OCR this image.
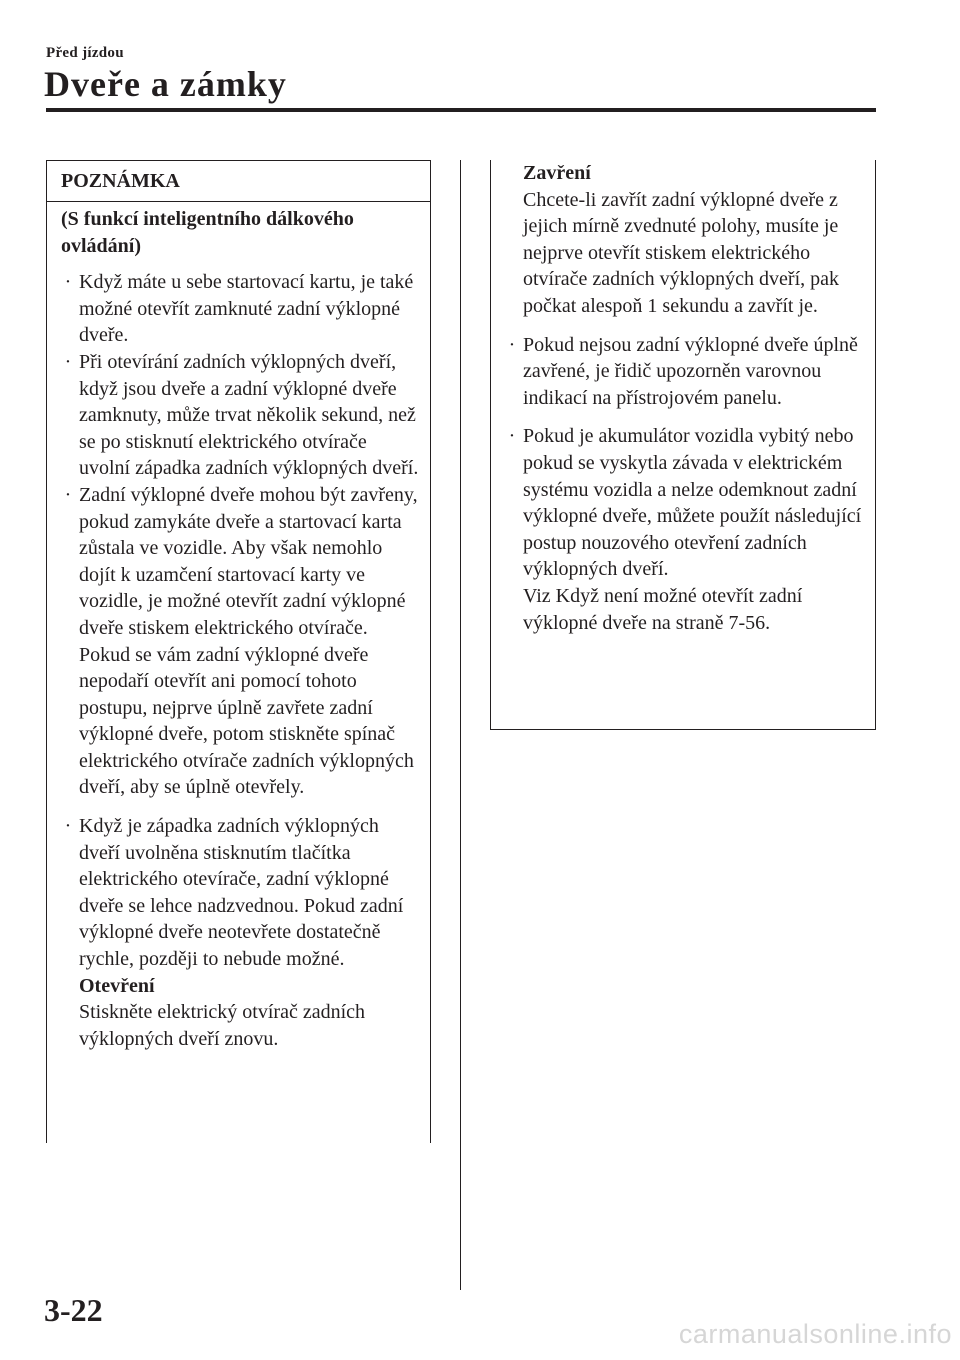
Před jízdou
Dveře a zámky
POZNÁMKA
(S funkcí inteligentního dálkového ovládání)
· Když máte u sebe startovací kartu, je také možné otevřít zamknuté zadní výklopné dveře.
· Při otevírání zadních výklopných dveří, když jsou dveře a zadní výklopné dveře zamknuty, může trvat několik sekund, než se po stisknutí elektrického otvírače uvolní západka zadních výklopných dveří.
· Zadní výklopné dveře mohou být zavřeny, pokud zamykáte dveře a startovací karta zůstala ve vozidle. Aby však nemohlo dojít k uzamčení startovací karty ve vozidle, je možné otevřít zadní výklopné dveře stiskem elektrického otvírače. Pokud se vám zadní výklopné dveře nepodaří otevřít ani pomocí tohoto postupu, nejprve úplně zavřete zadní výklopné dveře, potom stiskněte spínač elektrického otvírače zadních výklopných dveří, aby se úplně otevřely.
· Když je západka zadních výklopných dveří uvolněna stisknutím tlačítka elektrického otevírače, zadní výklopné dveře se lehce nadzvednou. Pokud zadní výklopné dveře neotevřete dostatečně rychle, později to nebude možné.
Otevření
Stiskněte elektrický otvírač zadních výklopných dveří znovu.
Zavření
Chcete-li zavřít zadní výklopné dveře z jejich mírně zvednuté polohy, musíte je nejprve otevřít stiskem elektrického otvírače zadních výklopných dveří, pak počkat alespoň 1 sekundu a zavřít je.
· Pokud nejsou zadní výklopné dveře úplně zavřené, je řidič upozorněn varovnou indikací na přístrojovém panelu.
· Pokud je akumulátor vozidla vybitý nebo pokud se vyskytla závada v elektrickém systému vozidla a nelze odemknout zadní výklopné dveře, můžete použít následující postup nouzového otevření zadních výklopných dveří.
Viz Když není možné otevřít zadní výklopné dveře na straně 7-56.
3-22
carmanualsonline.info
